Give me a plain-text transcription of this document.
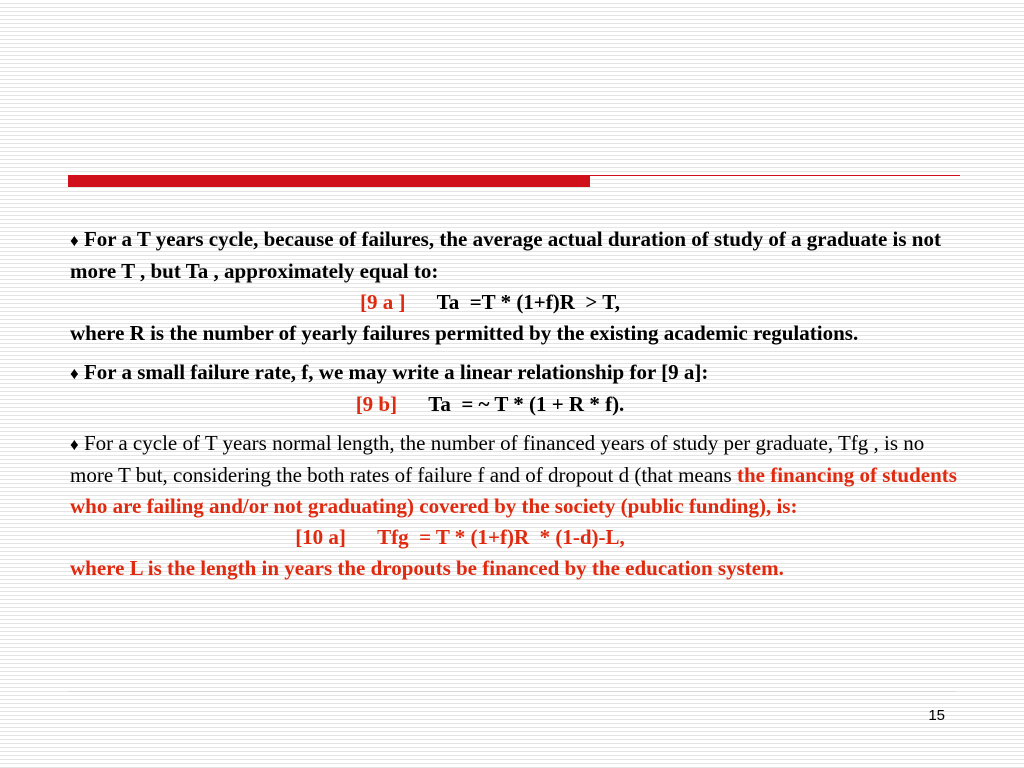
♦ For a T years cycle, because of failures, the average actual duration of study of a graduate is not more T , but Ta , approximately equal to:

[9 a ] Ta  =T * (1+f)R  > T,

where R is the number of yearly failures permitted by the existing academic regulations.

♦ For a small failure rate, f, we may write a linear relationship for [9 a]:

[9 b] Ta  = ~ T * (1 + R * f).

♦ For a cycle of T years normal length, the number of financed years of study per graduate, Tfg , is no more T but, considering the both rates of failure f and of dropout d (that means the financing of students who are failing and/or not graduating) covered by the society (public funding), is:

[10 a] Tfg  = T * (1+f)R  * (1-d)-L,

where L is the length in years the dropouts be financed by the education system.

15
